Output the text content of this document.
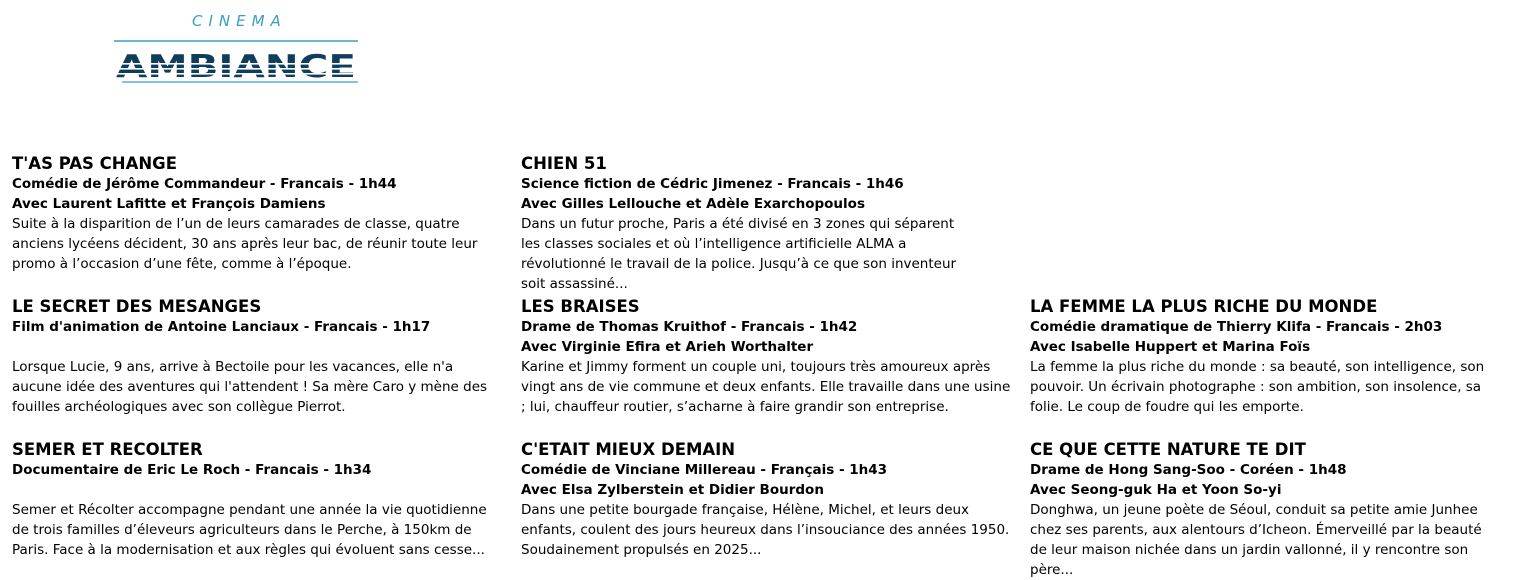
CINEMA
T'AS PAS CHANGE
Comédie de Jérôme Commandeur - Francais - 1h44
Avec Laurent Lafitte et François Damiens

Suite à la disparition de l’un de leurs camarades de classe, quatre anciens lycéens décident, 30 ans après leur bac, de réunir toute leur promo à l’occasion d’une fête, comme à l’époque.

CHIEN 51
Science fiction de Cédric Jimenez - Francais - 1h46
Avec Gilles Lellouche et Adèle Exarchopoulos

Dans un futur proche, Paris a été divisé en 3 zones qui séparent les classes sociales et où l’intelligence artificielle ALMA a révolutionné le travail de la police. Jusqu’à ce que son inventeur soit assassiné...

LE SECRET DES MESANGES
Film d'animation de Antoine Lanciaux - Francais - 1h17

Lorsque Lucie, 9 ans, arrive à Bectoile pour les vacances, elle n'a aucune idée des aventures qui l'attendent ! Sa mère Caro y mène des fouilles archéologiques avec son collègue Pierrot.

LES BRAISES
Drame de Thomas Kruithof - Francais - 1h42
Avec Virginie Efira et Arieh Worthalter

Karine et Jimmy forment un couple uni, toujours très amoureux après vingt ans de vie commune et deux enfants. Elle travaille dans une usine ; lui, chauffeur routier, s’acharne à faire grandir son entreprise.

LA FEMME LA PLUS RICHE DU MONDE
Comédie dramatique de Thierry Klifa - Francais - 2h03
Avec Isabelle Huppert et Marina Foïs

La femme la plus riche du monde : sa beauté, son intelligence, son pouvoir. Un écrivain photographe : son ambition, son insolence, sa folie. Le coup de foudre qui les emporte.

SEMER ET RECOLTER
Documentaire de Eric Le Roch - Francais - 1h34

Semer et Récolter accompagne pendant une année la vie quotidienne de trois familles d’éleveurs agriculteurs dans le Perche, à 150km de Paris. Face à la modernisation et aux règles qui évoluent sans cesse...

C'ETAIT MIEUX DEMAIN
Comédie de Vinciane Millereau - Français - 1h43
Avec Elsa Zylberstein et Didier Bourdon

Dans une petite bourgade française, Hélène, Michel, et leurs deux enfants, coulent des jours heureux dans l’insouciance des années 1950. Soudainement propulsés en 2025...

CE QUE CETTE NATURE TE DIT
Drame de Hong Sang-Soo - Coréen - 1h48
Avec Seong-guk Ha et Yoon So-yi

Donghwa, un jeune poète de Séoul, conduit sa petite amie Junhee chez ses parents, aux alentours d’Icheon. Émerveillé par la beauté de leur maison nichée dans un jardin vallonné, il y rencontre son père...
